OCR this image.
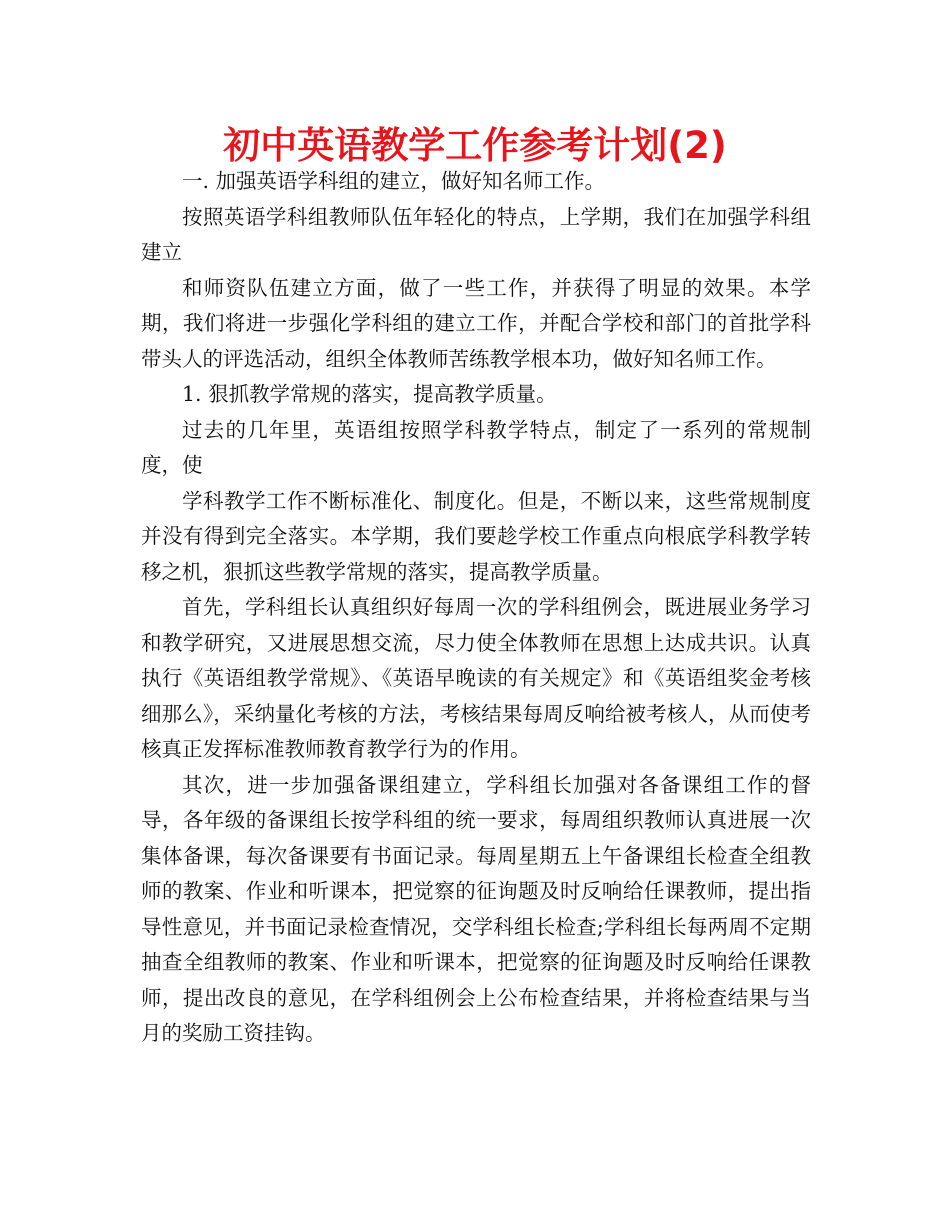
初中英语教学工作参考计划(2)

一. 加强英语学科组的建立，做好知名师工作。

按照英语学科组教师队伍年轻化的特点，上学期，我们在加强学科组建立

和师资队伍建立方面，做了一些工作，并获得了明显的效果。本学期，我们将进一步强化学科组的建立工作，并配合学校和部门的首批学科带头人的评选活动，组织全体教师苦练教学根本功，做好知名师工作。

1. 狠抓教学常规的落实，提高教学质量。

过去的几年里，英语组按照学科教学特点，制定了一系列的常规制度，使

学科教学工作不断标准化、制度化。但是，不断以来，这些常规制度并没有得到完全落实。本学期，我们要趁学校工作重点向根底学科教学转移之机，狠抓这些教学常规的落实，提高教学质量。

首先，学科组长认真组织好每周一次的学科组例会，既进展业务学习和教学研究，又进展思想交流，尽力使全体教师在思想上达成共识。认真执行《英语组教学常规》、《英语早晚读的有关规定》和《英语组奖金考核细那么》，采纳量化考核的方法，考核结果每周反响给被考核人，从而使考核真正发挥标准教师教育教学行为的作用。

其次，进一步加强备课组建立，学科组长加强对各备课组工作的督导，各年级的备课组长按学科组的统一要求，每周组织教师认真进展一次集体备课，每次备课要有书面记录。每周星期五上午备课组长检查全组教师的教案、作业和听课本，把觉察的征询题及时反响给任课教师，提出指导性意见，并书面记录检查情况，交学科组长检查;学科组长每两周不定期抽查全组教师的教案、作业和听课本，把觉察的征询题及时反响给任课教师，提出改良的意见，在学科组例会上公布检查结果，并将检查结果与当月的奖励工资挂钩。
